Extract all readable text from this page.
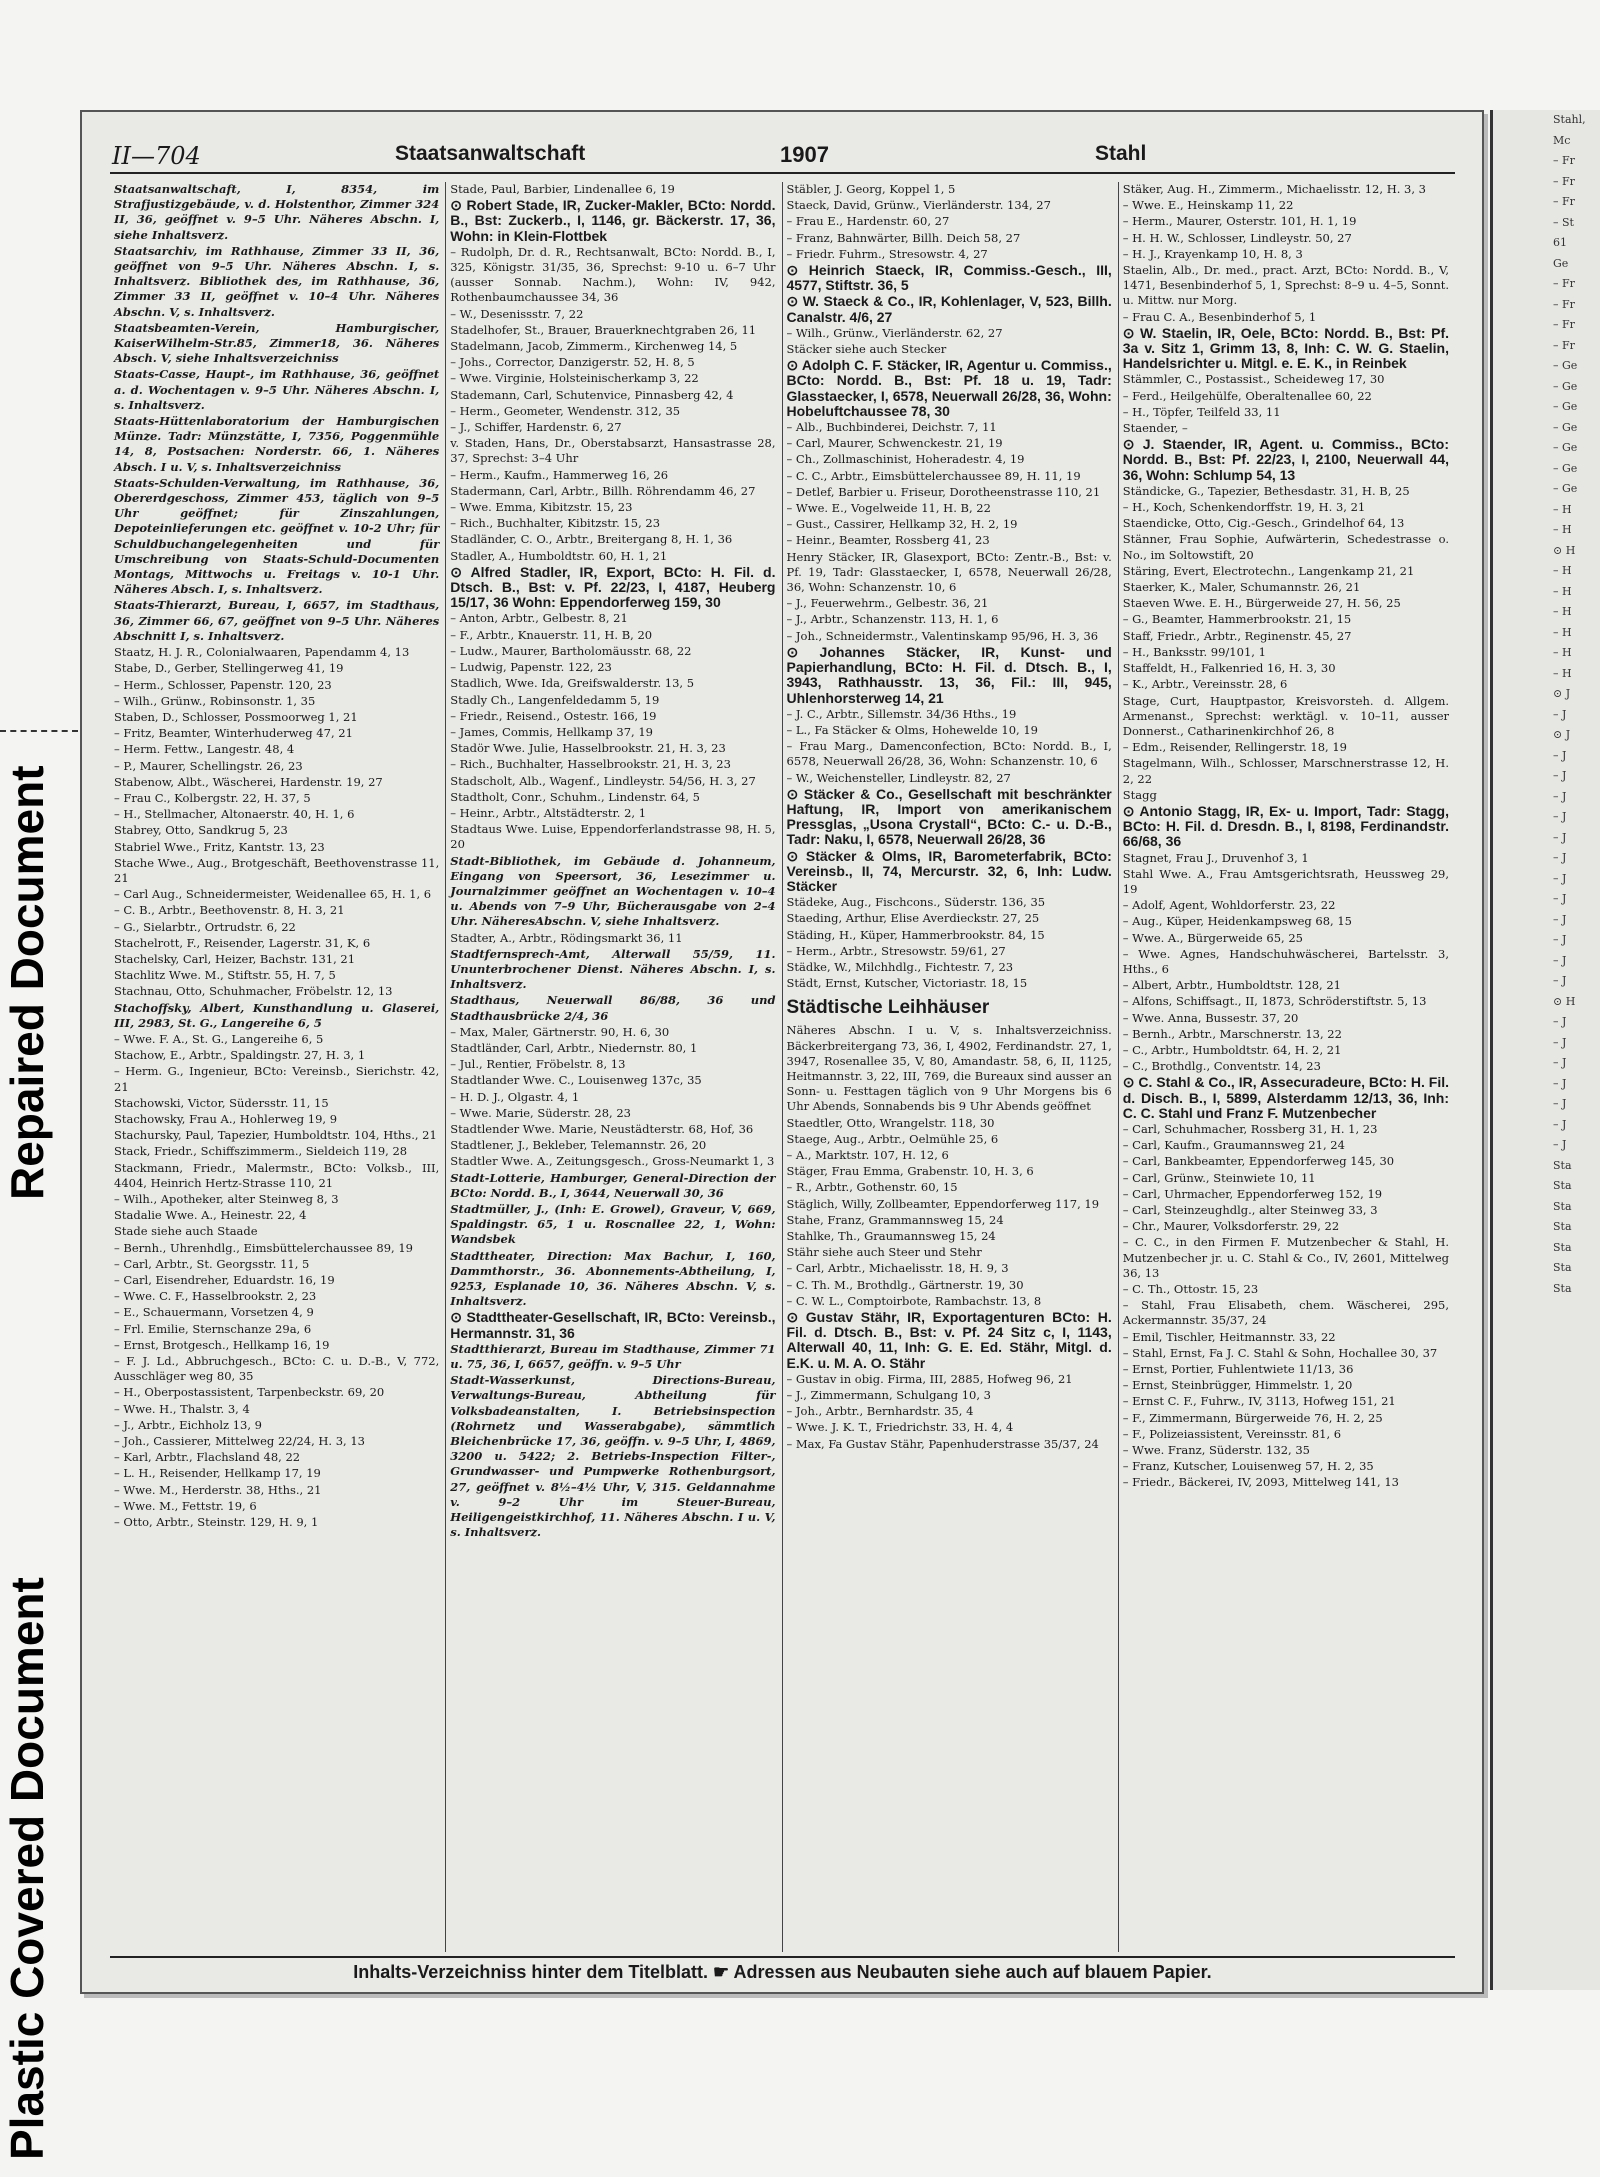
Repaired Document
Plastic Covered Document
Stahl,
Mc
– Fr
– Fr
– Fr
– St
61
Ge
– Fr
– Fr
– Fr
– Fr
– Ge
– Ge
– Ge
– Ge
– Ge
– Ge
– Ge
– H
– H
⊙ H
– H
– H
– H
– H
– H
– H
⊙ J
– J
⊙ J
– J
– J
– J
– J
– J
– J
– J
– J
– J
– J
– J
– J
⊙ H
– J
– J
– J
– J
– J
– J
– J
Sta
Sta
Sta
Sta
Sta
Sta
Sta
II—704	Staatsanwaltschaft	1907	Stahl
Staatsanwaltschaft, I, 8354, im Strafjustizgebäude, v. d. Holstenthor, Zimmer 324 II, 36, geöffnet v. 9–5 Uhr. Näheres Abschn. I, siehe Inhaltsverz.
Staatsarchiv, im Rathhause, Zimmer 33 II, 36, geöffnet von 9–5 Uhr. Näheres Abschn. I, s. Inhaltsverz. Bibliothek des, im Rathhause, 36, Zimmer 33 II, geöffnet v. 10–4 Uhr. Näheres Abschn. V, s. Inhaltsverz.
Staatsbeamten-Verein, Hamburgischer, KaiserWilhelm-Str.85, Zimmer18, 36. Näheres Absch. V, siehe Inhaltsverzeichniss
Staats-Casse, Haupt-, im Rathhause, 36, geöffnet a. d. Wochentagen v. 9–5 Uhr. Näheres Abschn. I, s. Inhaltsverz.
Staats-Hüttenlaboratorium der Hamburgischen Münze. Tadr: Münzstätte, I, 7356, Poggenmühle 14, 8, Postsachen: Norderstr. 66, 1. Näheres Absch. I u. V, s. Inhaltsverzeichniss
Staats-Schulden-Verwaltung, im Rathhause, 36, Obererdgeschoss, Zimmer 453, täglich von 9–5 Uhr geöffnet; für Zinszahlungen, Depoteinlieferungen etc. geöffnet v. 10-2 Uhr; für Schuldbuchangelegenheiten und für Umschreibung von Staats-Schuld-Documenten Montags, Mittwochs u. Freitags v. 10-1 Uhr. Näheres Absch. I, s. Inhaltsverz.
Staats-Thierarzt, Bureau, I, 6657, im Stadthaus, 36, Zimmer 66, 67, geöffnet von 9–5 Uhr. Näheres Abschnitt I, s. Inhaltsverz.
Staatz, H. J. R., Colonialwaaren, Papendamm 4, 13
Stabe, D., Gerber, Stellingerweg 41, 19
– Herm., Schlosser, Papenstr. 120, 23
– Wilh., Grünw., Robinsonstr. 1, 35
Staben, D., Schlosser, Possmoorweg 1, 21
– Fritz, Beamter, Winterhuderweg 47, 21
– Herm. Fettw., Langestr. 48, 4
– P., Maurer, Schellingstr. 26, 23
Stabenow, Albt., Wäscherei, Hardenstr. 19, 27
– Frau C., Kolbergstr. 22, H. 37, 5
– H., Stellmacher, Altonaerstr. 40, H. 1, 6
Stabrey, Otto, Sandkrug 5, 23
Stabriel Wwe., Fritz, Kantstr. 13, 23
Stache Wwe., Aug., Brotgeschäft, Beethovenstrasse 11, 21
– Carl Aug., Schneidermeister, Weidenallee 65, H. 1, 6
– C. B., Arbtr., Beethovenstr. 8, H. 3, 21
– G., Sielarbtr., Ortrudstr. 6, 22
Stachelrott, F., Reisender, Lagerstr. 31, K, 6
Stachelsky, Carl, Heizer, Bachstr. 131, 21
Stachlitz Wwe. M., Stiftstr. 55, H. 7, 5
Stachnau, Otto, Schuhmacher, Fröbelstr. 12, 13
Stachoffsky, Albert, Kunsthandlung u. Glaserei, III, 2983, St. G., Langereihe 6, 5
– Wwe. F. A., St. G., Langereihe 6, 5
Stachow, E., Arbtr., Spaldingstr. 27, H. 3, 1
– Herm. G., Ingenieur, BCto: Vereinsb., Sierichstr. 42, 21
Stachowski, Victor, Südersstr. 11, 15
Stachowsky, Frau A., Hohlerweg 19, 9
Stachursky, Paul, Tapezier, Humboldtstr. 104, Hths., 21
Stack, Friedr., Schiffszimmerm., Sieldeich 119, 28
Stackmann, Friedr., Malermstr., BCto: Volksb., III, 4404, Heinrich Hertz-Strasse 110, 21
– Wilh., Apotheker, alter Steinweg 8, 3
Stadalie Wwe. A., Heinestr. 22, 4
Stade siehe auch Staade
– Bernh., Uhrenhdlg., Eimsbüttelerchaussee 89, 19
– Carl, Arbtr., St. Georgsstr. 11, 5
– Carl, Eisendreher, Eduardstr. 16, 19
– Wwe. C. F., Hasselbrookstr. 2, 23
– E., Schauermann, Vorsetzen 4, 9
– Frl. Emilie, Sternschanze 29a, 6
– Ernst, Brotgesch., Hellkamp 16, 19
– F. J. Ld., Abbruchgesch., BCto: C. u. D.-B., V, 772, Ausschläger weg 80, 35
– H., Oberpostassistent, Tarpenbeckstr. 69, 20
– Wwe. H., Thalstr. 3, 4
– J., Arbtr., Eichholz 13, 9
– Joh., Cassierer, Mittelweg 22/24, H. 3, 13
– Karl, Arbtr., Flachsland 48, 22
– L. H., Reisender, Hellkamp 17, 19
– Wwe. M., Herderstr. 38, Hths., 21
– Wwe. M., Fettstr. 19, 6
– Otto, Arbtr., Steinstr. 129, H. 9, 1
Stade, Paul, Barbier, Lindenallee 6, 19
⊙ Robert Stade, IR, Zucker-Makler, BCto: Nordd. B., Bst: Zuckerb., I, 1146, gr. Bäckerstr. 17, 36, Wohn: in Klein-Flottbek
– Rudolph, Dr. d. R., Rechtsanwalt, BCto: Nordd. B., I, 325, Königstr. 31/35, 36, Sprechst: 9-10 u. 6–7 Uhr (ausser Sonnab. Nachm.), Wohn: IV, 942, Rothenbaumchaussee 34, 36
– W., Desenissstr. 7, 22
Stadelhofer, St., Brauer, Brauerknechtgraben 26, 11
Stadelmann, Jacob, Zimmerm., Kirchenweg 14, 5
– Johs., Corrector, Danzigerstr. 52, H. 8, 5
– Wwe. Virginie, Holsteinischerkamp 3, 22
Stademann, Carl, Schutenvice, Pinnasberg 42, 4
– Herm., Geometer, Wendenstr. 312, 35
– J., Schiffer, Hardenstr. 6, 27
v. Staden, Hans, Dr., Oberstabsarzt, Hansastrasse 28, 37, Sprechst: 3–4 Uhr
– Herm., Kaufm., Hammerweg 16, 26
Stadermann, Carl, Arbtr., Billh. Röhrendamm 46, 27
– Wwe. Emma, Kibitzstr. 15, 23
– Rich., Buchhalter, Kibitzstr. 15, 23
Stadländer, C. O., Arbtr., Breitergang 8, H. 1, 36
Stadler, A., Humboldtstr. 60, H. 1, 21
⊙ Alfred Stadler, IR, Export, BCto: H. Fil. d. Dtsch. B., Bst: v. Pf. 22/23, I, 4187, Heuberg 15/17, 36 Wohn: Eppendorferweg 159, 30
– Anton, Arbtr., Gelbestr. 8, 21
– F., Arbtr., Knauerstr. 11, H. B, 20
– Ludw., Maurer, Bartholomäusstr. 68, 22
– Ludwig, Papenstr. 122, 23
Stadlich, Wwe. Ida, Greifswalderstr. 13, 5
Stadly Ch., Langenfeldedamm 5, 19
– Friedr., Reisend., Ostestr. 166, 19
– James, Commis, Hellkamp 37, 19
Stadör Wwe. Julie, Hasselbrookstr. 21, H. 3, 23
– Rich., Buchhalter, Hasselbrookstr. 21, H. 3, 23
Stadscholt, Alb., Wagenf., Lindleystr. 54/56, H. 3, 27
Stadtholt, Conr., Schuhm., Lindenstr. 64, 5
– Heinr., Arbtr., Altstädterstr. 2, 1
Stadtaus Wwe. Luise, Eppendorferlandstrasse 98, H. 5, 20
Stadt-Bibliothek, im Gebäude d. Johanneum, Eingang von Speersort, 36, Lesezimmer u. Journalzimmer geöffnet an Wochentagen v. 10–4 u. Abends von 7–9 Uhr, Bücherausgabe von 2–4 Uhr. NäheresAbschn. V, siehe Inhaltsverz.
Stadter, A., Arbtr., Rödingsmarkt 36, 11
Stadtfernsprech-Amt, Alterwall 55/59, 11. Ununterbrochener Dienst. Näheres Abschn. I, s. Inhaltsverz.
Stadthaus, Neuerwall 86/88, 36 und Stadthausbrücke 2/4, 36
– Max, Maler, Gärtnerstr. 90, H. 6, 30
Stadtländer, Carl, Arbtr., Niedernstr. 80, 1
– Jul., Rentier, Fröbelstr. 8, 13
Stadtlander Wwe. C., Louisenweg 137c, 35
– H. D. J., Olgastr. 4, 1
– Wwe. Marie, Süderstr. 28, 23
Stadtlender Wwe. Marie, Neustädterstr. 68, Hof, 36
Stadtlener, J., Bekleber, Telemannstr. 26, 20
Stadtler Wwe. A., Zeitungsgesch., Gross-Neumarkt 1, 3
Stadt-Lotterie, Hamburger, General-Direction der BCto: Nordd. B., I, 3644, Neuerwall 30, 36
Stadtmüller, J., (Inh: E. Growel), Graveur, V, 669, Spaldingstr. 65, 1 u. Roscnallee 22, 1, Wohn: Wandsbek
Stadttheater, Direction: Max Bachur, I, 160, Dammthorstr., 36. Abonnements-Abtheilung, I, 9253, Esplanade 10, 36. Näheres Abschn. V, s. Inhaltsverz.
⊙ Stadttheater-Gesellschaft, IR, BCto: Vereinsb., Hermannstr. 31, 36
Stadtthierarzt, Bureau im Stadthause, Zimmer 71 u. 75, 36, I, 6657, geöffn. v. 9–5 Uhr
Stadt-Wasserkunst, Directions-Bureau, Verwaltungs-Bureau, Abtheilung für Volksbadeanstalten, I. Betriebsinspection (Rohrnetz und Wasserabgabe), sämmtlich Bleichenbrücke 17, 36, geöffn. v. 9–5 Uhr, I, 4869, 3200 u. 5422; 2. Betriebs-Inspection Filter-, Grundwasser- und Pumpwerke Rothenburgsort, 27, geöffnet v. 8½–4½ Uhr, V, 315. Geldannahme v. 9–2 Uhr im Steuer-Bureau, Heiligengeistkirchhof, 11. Näheres Abschn. I u. V, s. Inhaltsverz.
Stäbler, J. Georg, Koppel 1, 5
Staeck, David, Grünw., Vierländerstr. 134, 27
– Frau E., Hardenstr. 60, 27
– Franz, Bahnwärter, Billh. Deich 58, 27
– Friedr. Fuhrm., Stresowstr. 4, 27
⊙ Heinrich Staeck, IR, Commiss.-Gesch., III, 4577, Stiftstr. 36, 5
⊙ W. Staeck & Co., IR, Kohlenlager, V, 523, Billh. Canalstr. 4/6, 27
– Wilh., Grünw., Vierländerstr. 62, 27
Stäcker siehe auch Stecker
⊙ Adolph C. F. Stäcker, IR, Agentur u. Commiss., BCto: Nordd. B., Bst: Pf. 18 u. 19, Tadr: Glasstaecker, I, 6578, Neuerwall 26/28, 36, Wohn: Hobeluftchaussee 78, 30
– Alb., Buchbinderei, Deichstr. 7, 11
– Carl, Maurer, Schwenckestr. 21, 19
– Ch., Zollmaschinist, Hoheradestr. 4, 19
– C. C., Arbtr., Eimsbüttelerchaussee 89, H. 11, 19
– Detlef, Barbier u. Friseur, Dorotheenstrasse 110, 21
– Wwe. E., Vogelweide 11, H. B, 22
– Gust., Cassirer, Hellkamp 32, H. 2, 19
– Heinr., Beamter, Rossberg 41, 23
Henry Stäcker, IR, Glasexport, BCto: Zentr.-B., Bst: v. Pf. 19, Tadr: Glasstaecker, I, 6578, Neuerwall 26/28, 36, Wohn: Schanzenstr. 10, 6
– J., Feuerwehrm., Gelbestr. 36, 21
– J., Arbtr., Schanzenstr. 113, H. 1, 6
– Joh., Schneidermstr., Valentinskamp 95/96, H. 3, 36
⊙ Johannes Stäcker, IR, Kunst- und Papierhandlung, BCto: H. Fil. d. Dtsch. B., I, 3943, Rathhausstr. 13, 36, Fil.: III, 945, Uhlenhorsterweg 14, 21
– J. C., Arbtr., Sillemstr. 34/36 Hths., 19
– L., Fa Stäcker & Olms, Hohewelde 10, 19
– Frau Marg., Damenconfection, BCto: Nordd. B., I, 6578, Neuerwall 26/28, 36, Wohn: Schanzenstr. 10, 6
– W., Weichensteller, Lindleystr. 82, 27
⊙ Stäcker & Co., Gesellschaft mit beschränkter Haftung, IR, Import von amerikanischem Pressglas, „Usona Crystall“, BCto: C.- u. D.-B., Tadr: Naku, I, 6578, Neuerwall 26/28, 36
⊙ Stäcker & Olms, IR, Barometerfabrik, BCto: Vereinsb., II, 74, Mercurstr. 32, 6, Inh: Ludw. Stäcker
Städeke, Aug., Fischcons., Süderstr. 136, 35
Staeding, Arthur, Elise Averdieckstr. 27, 25
Städing, H., Küper, Hammerbrookstr. 84, 15
– Herm., Arbtr., Stresowstr. 59/61, 27
Städke, W., Milchhdlg., Fichtestr. 7, 23
Städt, Ernst, Kutscher, Victoriastr. 18, 15
Städtische Leihhäuser
Näheres Abschn. I u. V, s. Inhaltsverzeichniss. Bäckerbreitergang 73, 36, I, 4902, Ferdinandstr. 27, 1, 3947, Rosenallee 35, V, 80, Amandastr. 58, 6, II, 1125, Heitmannstr. 3, 22, III, 769, die Bureaux sind ausser an Sonn- u. Festtagen täglich von 9 Uhr Morgens bis 6 Uhr Abends, Sonnabends bis 9 Uhr Abends geöffnet
Staedtler, Otto, Wrangelstr. 118, 30
Staege, Aug., Arbtr., Oelmühle 25, 6
– A., Marktstr. 107, H. 12, 6
Stäger, Frau Emma, Grabenstr. 10, H. 3, 6
– R., Arbtr., Gothenstr. 60, 15
Stäglich, Willy, Zollbeamter, Eppendorferweg 117, 19
Stahe, Franz, Grammannsweg 15, 24
Stahlke, Th., Graumannsweg 15, 24
Stähr siehe auch Steer und Stehr
– Carl, Arbtr., Michaelisstr. 18, H. 9, 3
– C. Th. M., Brothdlg., Gärtnerstr. 19, 30
– C. W. L., Comptoirbote, Rambachstr. 13, 8
⊙ Gustav Stähr, IR, Exportagenturen BCto: H. Fil. d. Dtsch. B., Bst: v. Pf. 24 Sitz c, I, 1143, Alterwall 40, 11, Inh: G. E. Ed. Stähr, Mitgl. d. E.K. u. M. A. O. Stähr
– Gustav in obig. Firma, III, 2885, Hofweg 96, 21
– J., Zimmermann, Schulgang 10, 3
– Joh., Arbtr., Bernhardstr. 35, 4
– Wwe. J. K. T., Friedrichstr. 33, H. 4, 4
– Max, Fa Gustav Stähr, Papenhuderstrasse 35/37, 24
Stäker, Aug. H., Zimmerm., Michaelisstr. 12, H. 3, 3
– Wwe. E., Heinskamp 11, 22
– Herm., Maurer, Osterstr. 101, H. 1, 19
– H. H. W., Schlosser, Lindleystr. 50, 27
– H. J., Krayenkamp 10, H. 8, 3
Staelin, Alb., Dr. med., pract. Arzt, BCto: Nordd. B., V, 1471, Besenbinderhof 5, 1, Sprechst: 8–9 u. 4–5, Sonnt. u. Mittw. nur Morg.
– Frau C. A., Besenbinderhof 5, 1
⊙ W. Staelin, IR, Oele, BCto: Nordd. B., Bst: Pf. 3a v. Sitz 1, Grimm 13, 8, Inh: C. W. G. Staelin, Handelsrichter u. Mitgl. e. E. K., in Reinbek
Stämmler, C., Postassist., Scheideweg 17, 30
– Ferd., Heilgehülfe, Oberaltenallee 60, 22
– H., Töpfer, Teilfeld 33, 11
Staender, –
⊙ J. Staender, IR, Agent. u. Commiss., BCto: Nordd. B., Bst: Pf. 22/23, I, 2100, Neuerwall 44, 36, Wohn: Schlump 54, 13
Ständicke, G., Tapezier, Bethesdastr. 31, H. B, 25
– H., Koch, Schenkendorffstr. 19, H. 3, 21
Staendicke, Otto, Cig.-Gesch., Grindelhof 64, 13
Stänner, Frau Sophie, Aufwärterin, Schedestrasse o. No., im Soltowstift, 20
Stäring, Evert, Electrotechn., Langenkamp 21, 21
Staerker, K., Maler, Schumannstr. 26, 21
Staeven Wwe. E. H., Bürgerweide 27, H. 56, 25
– G., Beamter, Hammerbrookstr. 21, 15
Staff, Friedr., Arbtr., Reginenstr. 45, 27
– H., Banksstr. 99/101, 1
Staffeldt, H., Falkenried 16, H. 3, 30
– K., Arbtr., Vereinsstr. 28, 6
Stage, Curt, Hauptpastor, Kreisvorsteh. d. Allgem. Armenanst., Sprechst: werktägl. v. 10–11, ausser Donnerst., Catharinenkirchhof 26, 8
– Edm., Reisender, Rellingerstr. 18, 19
Stagelmann, Wilh., Schlosser, Marschnerstrasse 12, H. 2, 22
Stagg
⊙ Antonio Stagg, IR, Ex- u. Import, Tadr: Stagg, BCto: H. Fil. d. Dresdn. B., I, 8198, Ferdinandstr. 66/68, 36
Stagnet, Frau J., Druvenhof 3, 1
Stahl Wwe. A., Frau Amtsgerichtsrath, Heussweg 29, 19
– Adolf, Agent, Wohldorferstr. 23, 22
– Aug., Küper, Heidenkampsweg 68, 15
– Wwe. A., Bürgerweide 65, 25
– Wwe. Agnes, Handschuhwäscherei, Bartelsstr. 3, Hths., 6
– Albert, Arbtr., Humboldtstr. 128, 21
– Alfons, Schiffsagt., II, 1873, Schröderstiftstr. 5, 13
– Wwe. Anna, Bussestr. 37, 20
– Bernh., Arbtr., Marschnerstr. 13, 22
– C., Arbtr., Humboldtstr. 64, H. 2, 21
– C., Brothdlg., Conventstr. 14, 23
⊙ C. Stahl & Co., IR, Assecuradeure, BCto: H. Fil. d. Disch. B., I, 5899, Alsterdamm 12/13, 36, Inh: C. C. Stahl und Franz F. Mutzenbecher
– Carl, Schuhmacher, Rossberg 31, H. 1, 23
– Carl, Kaufm., Graumannsweg 21, 24
– Carl, Bankbeamter, Eppendorferweg 145, 30
– Carl, Grünw., Steinwiete 10, 11
– Carl, Uhrmacher, Eppendorferweg 152, 19
– Carl, Steinzeughdlg., alter Steinweg 33, 3
– Chr., Maurer, Volksdorferstr. 29, 22
– C. C., in den Firmen F. Mutzenbecher & Stahl, H. Mutzenbecher jr. u. C. Stahl & Co., IV, 2601, Mittelweg 36, 13
– C. Th., Ottostr. 15, 23
– Stahl, Frau Elisabeth, chem. Wäscherei, 295, Ackermannstr. 35/37, 24
– Emil, Tischler, Heitmannstr. 33, 22
– Stahl, Ernst, Fa J. C. Stahl & Sohn, Hochallee 30, 37
– Ernst, Portier, Fuhlentwiete 11/13, 36
– Ernst, Steinbrügger, Himmelstr. 1, 20
– Ernst C. F., Fuhrw., IV, 3113, Hofweg 151, 21
– F., Zimmermann, Bürgerweide 76, H. 2, 25
– F., Polizeiassistent, Vereinsstr. 81, 6
– Wwe. Franz, Süderstr. 132, 35
– Franz, Kutscher, Louisenweg 57, H. 2, 35
– Friedr., Bäckerei, IV, 2093, Mittelweg 141, 13
Inhalts-Verzeichniss hinter dem Titelblatt. ☛ Adressen aus Neubauten siehe auch auf blauem Papier.
